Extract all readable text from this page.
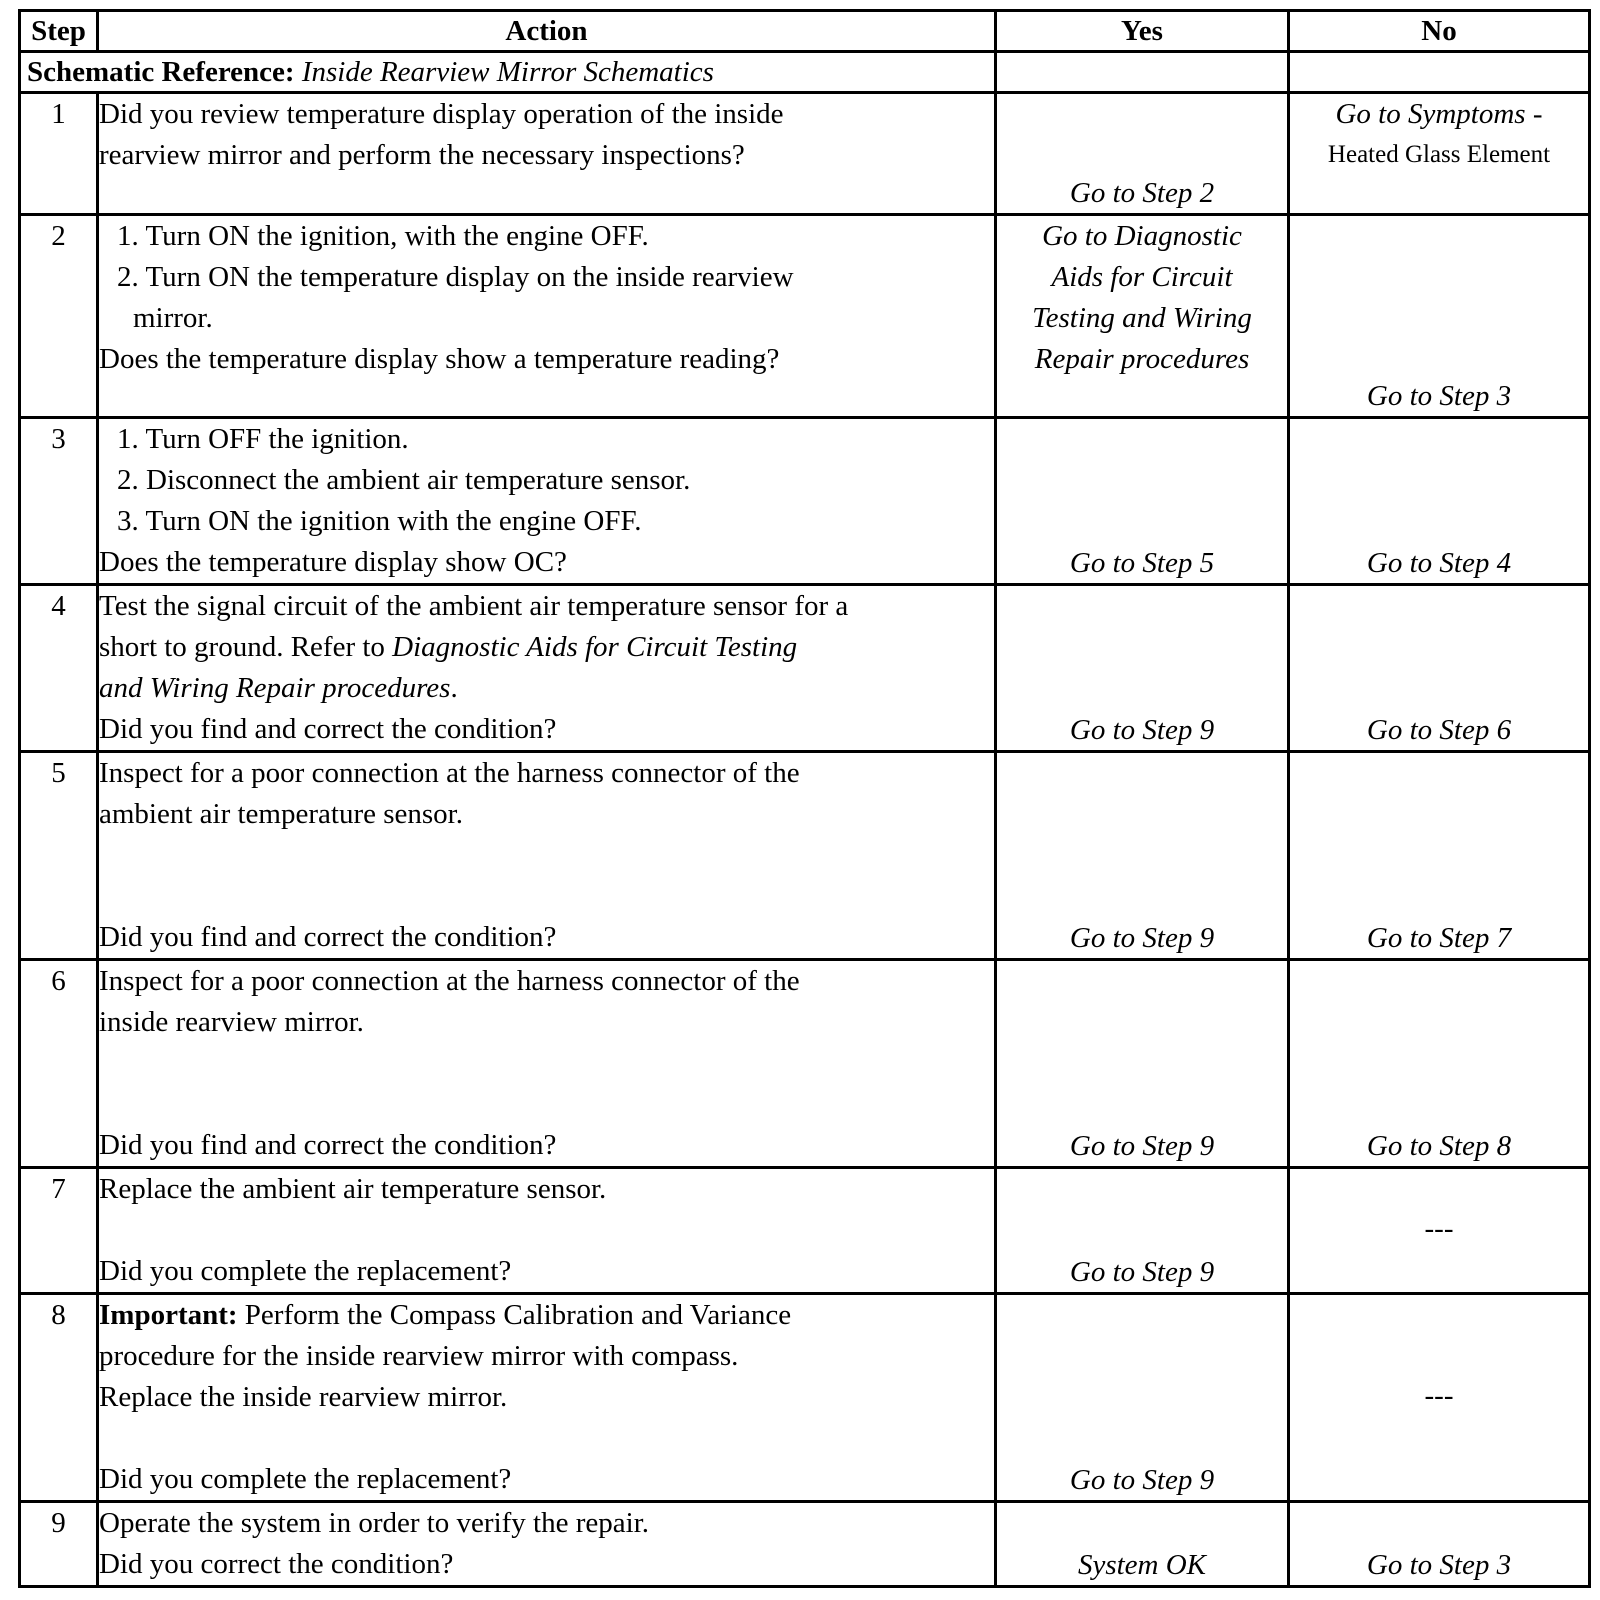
Step	Action	Yes	No

Schematic Reference: Inside Rearview Mirror Schematics			

1	Did you review temperature display operation of the inside
rearview mirror and perform the necessary inspections?	Go to Step 2	Go to Symptoms -
Heated Glass Element

2	1. Turn ON the ignition, with the engine OFF.
2. Turn ON the temperature display on the inside rearview
mirror.
Does the temperature display show a temperature reading?	Go to Diagnostic
Aids for Circuit
Testing and Wiring
Repair procedures	Go to Step 3

3	1. Turn OFF the ignition.
2. Disconnect the ambient air temperature sensor.
3. Turn ON the ignition with the engine OFF.
Does the temperature display show OC?	Go to Step 5	Go to Step 4

4	Test the signal circuit of the ambient air temperature sensor for a
short to ground. Refer to Diagnostic Aids for Circuit Testing
and Wiring Repair procedures.
Did you find and correct the condition?	Go to Step 9	Go to Step 6

5	Inspect for a poor connection at the harness connector of the
ambient air temperature sensor.
Did you find and correct the condition?	Go to Step 9	Go to Step 7

6	Inspect for a poor connection at the harness connector of the
inside rearview mirror.
Did you find and correct the condition?	Go to Step 9	Go to Step 8

7	Replace the ambient air temperature sensor.
Did you complete the replacement?	Go to Step 9	---

8	Important: Perform the Compass Calibration and Variance
procedure for the inside rearview mirror with compass.
Replace the inside rearview mirror.
Did you complete the replacement?	Go to Step 9	---

9	Operate the system in order to verify the repair.
Did you correct the condition?	System OK	Go to Step 3
